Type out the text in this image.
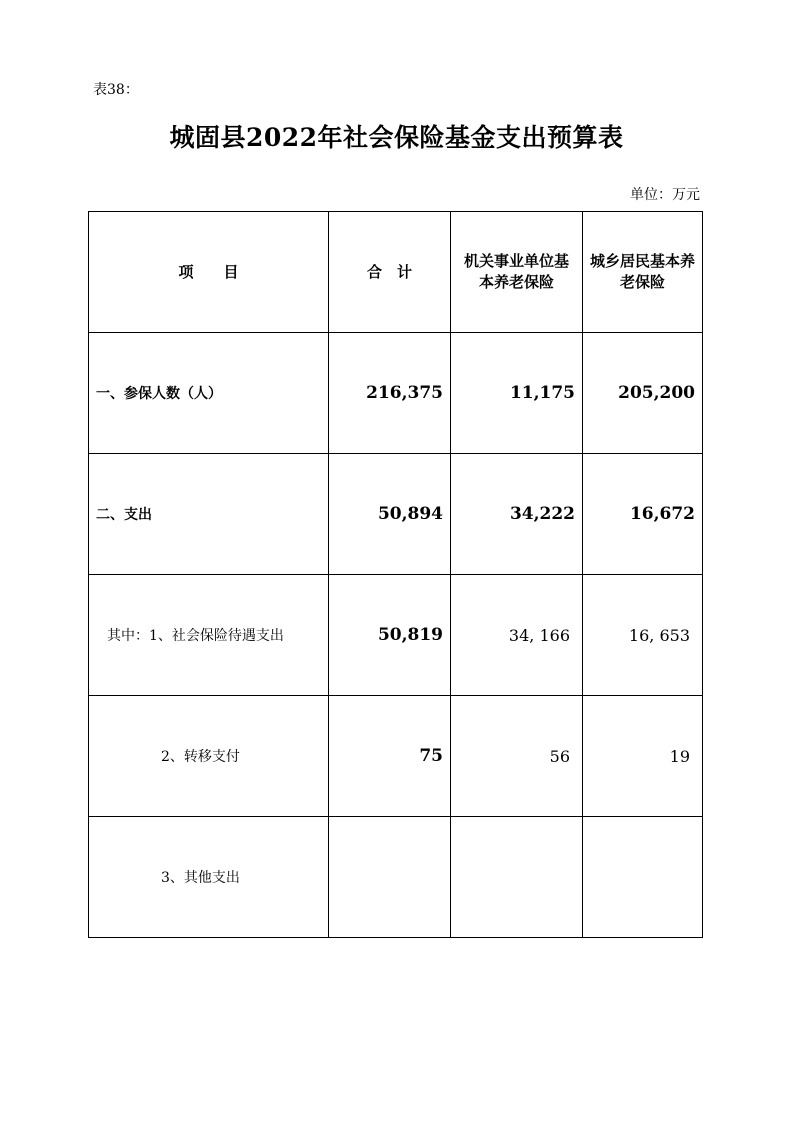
表38：
城固县2022年社会保险基金支出预算表
单位：万元
项　　目	合　计	机关事业单位基本养老保险	城乡居民基本养老保险
一、参保人数（人）	216,375	11,175	205,200
二、支出	50,894	34,222	16,672
其中：1、社会保险待遇支出	50,819	34, 166	16, 653
2、转移支付	75	56	19
3、其他支出			
